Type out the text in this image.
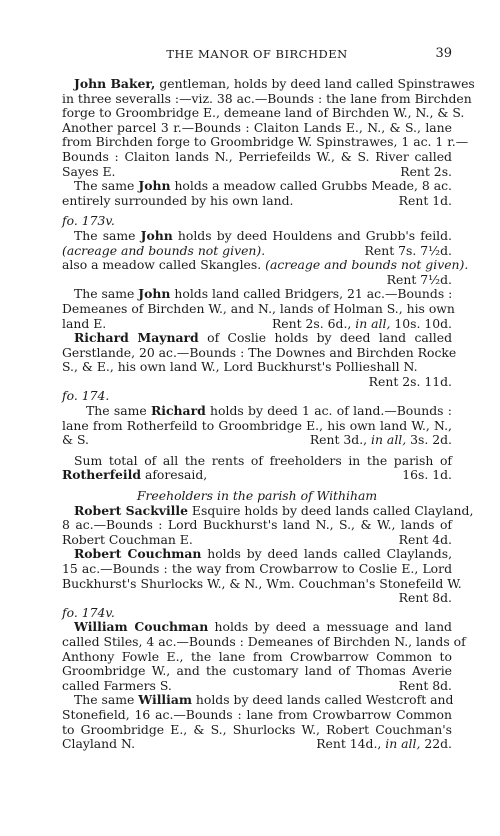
THE MANOR OF BIRCHDEN	39
John Baker, gentleman, holds by deed land called Spinstrawes
in three severalls :—viz. 38 ac.—Bounds : the lane from Birchden
forge to Groombridge E., demeane land of Birchden W., N., & S.
Another parcel 3 r.—Bounds : Claiton Lands E., N., & S., lane
from Birchden forge to Groombridge W. Spinstrawes, 1 ac. 1 r.—
Bounds : Claiton lands N., Perriefeilds W., & S. River called
Sayes E.	Rent 2s.
The same John holds a meadow called Grubbs Meade, 8 ac.
entirely surrounded by his own land.	Rent 1d.
fo. 173v.
The same John holds by deed Houldens and Grubb's feild.
(acreage and bounds not given).	Rent 7s. 7½d.
also a meadow called Skangles. (acreage and bounds not given).
Rent 7½d.
The same John holds land called Bridgers, 21 ac.—Bounds :
Demeanes of Birchden W., and N., lands of Holman S., his own
land E.	Rent 2s. 6d., in all, 10s. 10d.
Richard Maynard of Coslie holds by deed land called
Gerstlande, 20 ac.—Bounds : The Downes and Birchden Rocke
S., & E., his own land W., Lord Buckhurst's Pollieshall N.
Rent 2s. 11d.
fo. 174.
The same Richard holds by deed 1 ac. of land.—Bounds :
lane from Rotherfeild to Groombridge E., his own land W., N.,
& S.	Rent 3d., in all, 3s. 2d.
Sum total of all the rents of freeholders in the parish of
Rotherfeild aforesaid,	16s. 1d.
Freeholders in the parish of Withiham
Robert Sackville Esquire holds by deed lands called Clayland,
8 ac.—Bounds : Lord Buckhurst's land N., S., & W., lands of
Robert Couchman E.	Rent 4d.
Robert Couchman holds by deed lands called Claylands,
15 ac.—Bounds : the way from Crowbarrow to Coslie E., Lord
Buckhurst's Shurlocks W., & N., Wm. Couchman's Stonefeild W.
Rent 8d.
fo. 174v.
William Couchman holds by deed a messuage and land
called Stiles, 4 ac.—Bounds : Demeanes of Birchden N., lands of
Anthony Fowle E., the lane from Crowbarrow Common to
Groombridge W., and the customary land of Thomas Averie
called Farmers S.	Rent 8d.
The same William holds by deed lands called Westcroft and
Stonefield, 16 ac.—Bounds : lane from Crowbarrow Common
to Groombridge E., & S., Shurlocks W., Robert Couchman's
Clayland N.	Rent 14d., in all, 22d.
